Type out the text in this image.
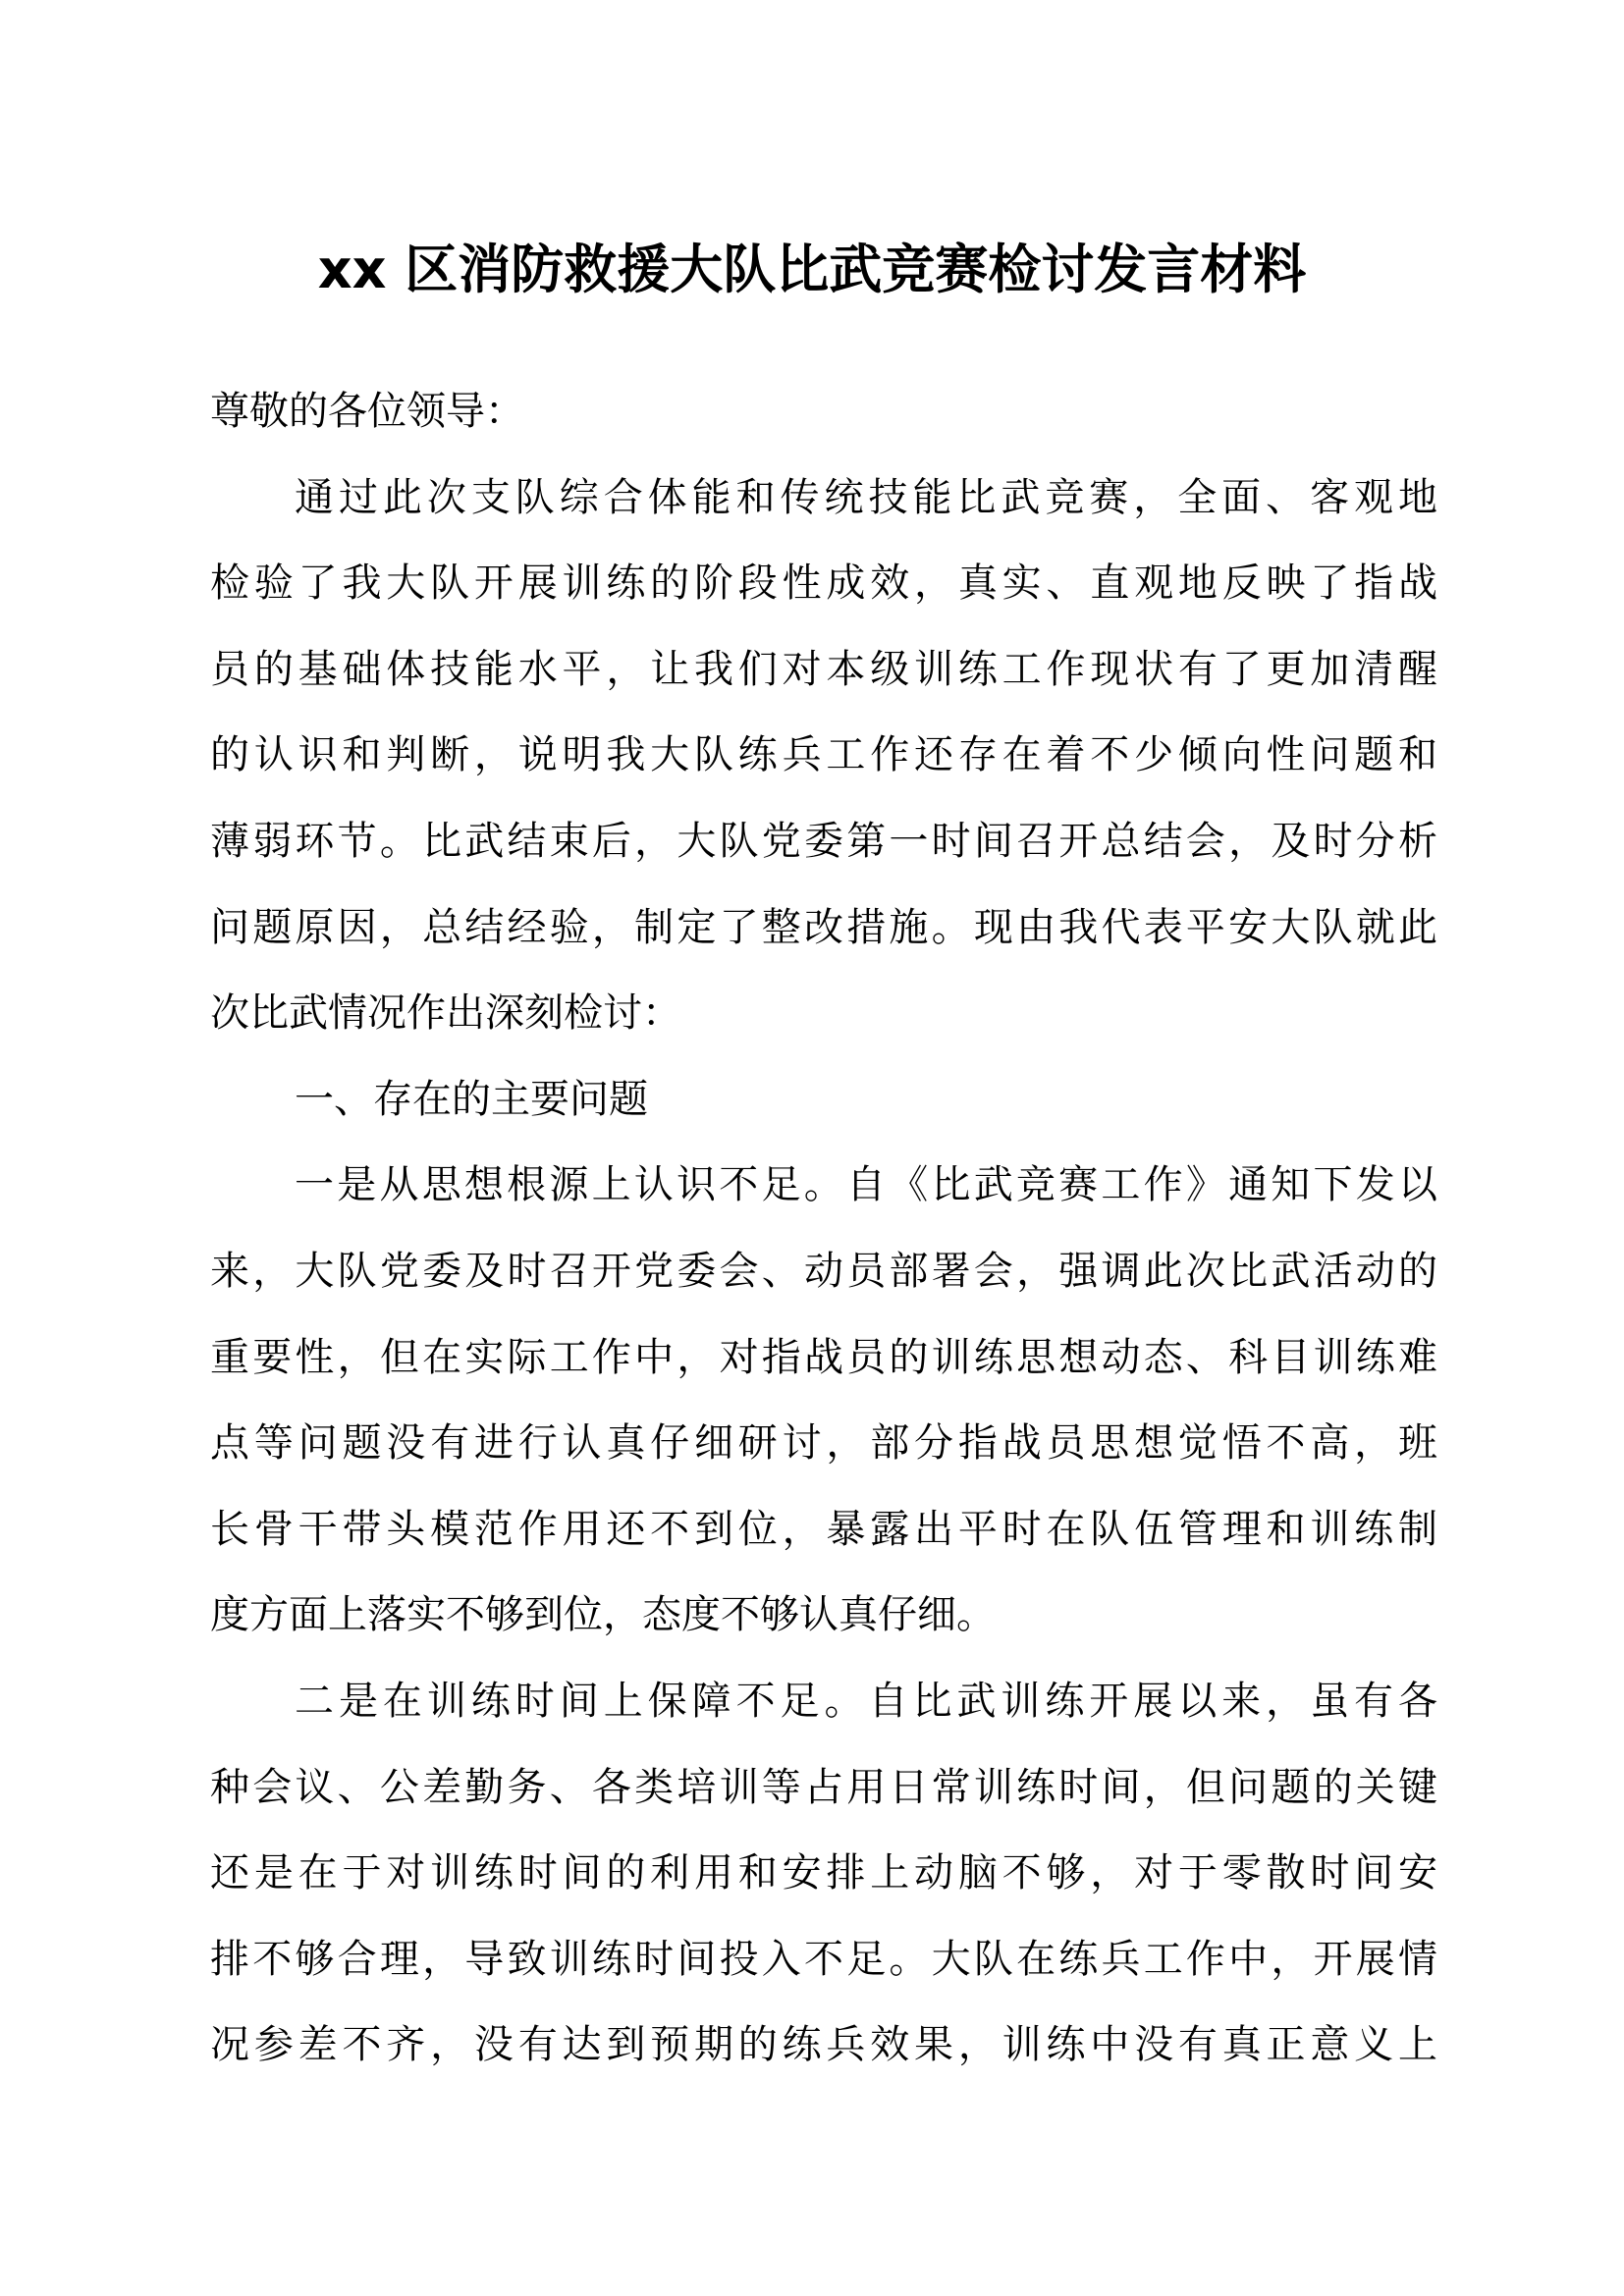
xx 区消防救援大队比武竞赛检讨发言材料
尊敬的各位领导：
通过此次支队综合体能和传统技能比武竞赛，全面、客观地
检验了我大队开展训练的阶段性成效，真实、直观地反映了指战
员的基础体技能水平，让我们对本级训练工作现状有了更加清醒
的认识和判断，说明我大队练兵工作还存在着不少倾向性问题和
薄弱环节。比武结束后，大队党委第一时间召开总结会，及时分析
问题原因，总结经验，制定了整改措施。现由我代表平安大队就此
次比武情况作出深刻检讨：
一、存在的主要问题
一是从思想根源上认识不足。自《比武竞赛工作》通知下发以
来，大队党委及时召开党委会、动员部署会，强调此次比武活动的
重要性，但在实际工作中，对指战员的训练思想动态、科目训练难
点等问题没有进行认真仔细研讨，部分指战员思想觉悟不高，班
长骨干带头模范作用还不到位，暴露出平时在队伍管理和训练制
度方面上落实不够到位，态度不够认真仔细。
二是在训练时间上保障不足。自比武训练开展以来，虽有各
种会议、公差勤务、各类培训等占用日常训练时间，但问题的关键
还是在于对训练时间的利用和安排上动脑不够，对于零散时间安
排不够合理，导致训练时间投入不足。大队在练兵工作中，开展情
况参差不齐，没有达到预期的练兵效果，训练中没有真正意义上
